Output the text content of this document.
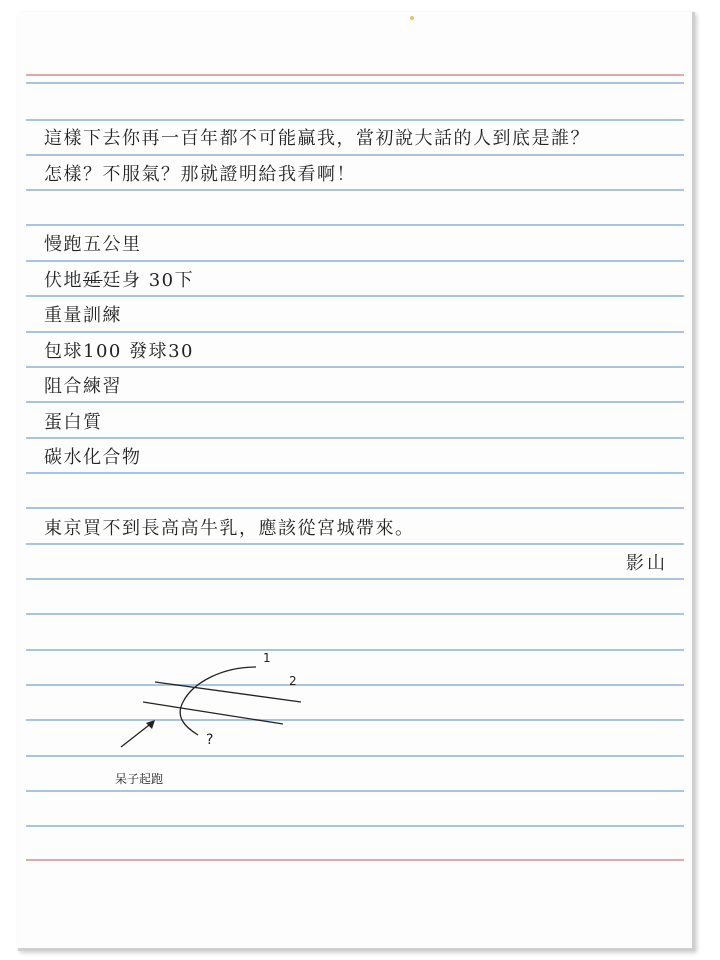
這樣下去你再一百年都不可能贏我，當初說大話的人到底是誰？
怎樣？不服氣？那就證明給我看啊！
慢跑五公里
伏地延廷身 30下
重量訓練
包球100 發球30
阻合練習
蛋白質
碳水化合物
東京買不到長高高牛乳，應該從宮城帶來。
影山
1
2
?
呆子起跑
